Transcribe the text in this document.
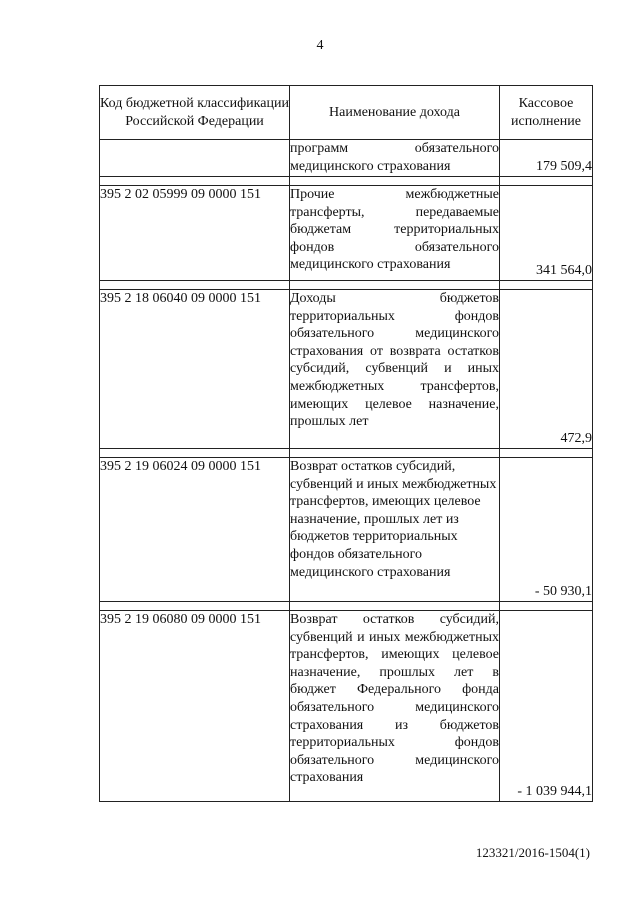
4
Код бюджетной классификации Российской Федерации	Наименование дохода	Кассовое исполнение
	программ обязательного медицинского страхования	179 509,4

395 2 02 05999 09 0000 151	Прочие межбюджетные трансферты, передаваемые бюджетам территориальных фондов обязательного медицинского страхования	341 564,0

395 2 18 06040 09 0000 151	Доходы бюджетов территориальных фондов обязательного медицинского страхования от возврата остатков субсидий, субвенций и иных межбюджетных трансфертов, имеющих целевое назначение, прошлых лет	472,9

395 2 19 06024 09 0000 151	Возврат остатков субсидий, субвенций и иных межбюджетных трансфертов, имеющих целевое назначение, прошлых лет из бюджетов территориальных фондов обязательного медицинского страхования	- 50 930,1

395 2 19 06080 09 0000 151	Возврат остатков субсидий, субвенций и иных межбюджетных трансфертов, имеющих целевое назначение, прошлых лет в бюджет Федерального фонда обязательного медицинского страхования из бюджетов территориальных фондов обязательного медицинского страхования	- 1 039 944,1
123321/2016-1504(1)
